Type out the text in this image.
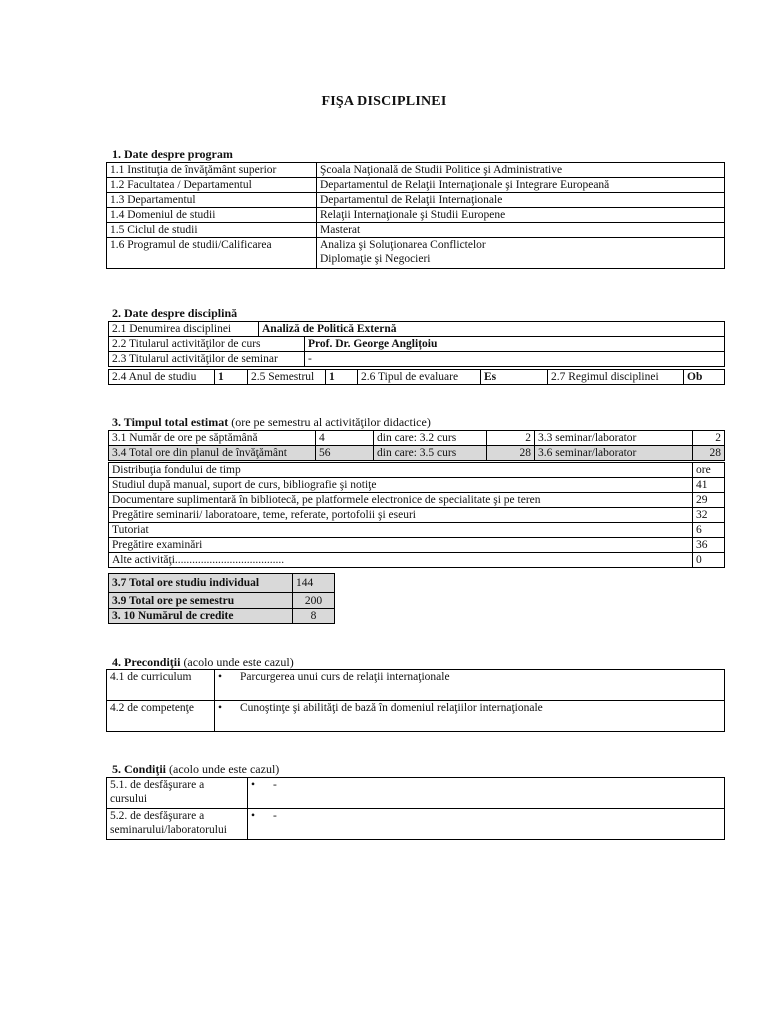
FIŞA DISCIPLINEI
1. Date despre program
1.1 Instituţia de învăţământ superior	Şcoala Naţională de Studii Politice şi Administrative
1.2 Facultatea / Departamentul	Departamentul de Relaţii Internaţionale şi Integrare Europeană
1.3 Departamentul	Departamentul de Relaţii Internaţionale
1.4 Domeniul de studii	Relaţii Internaţionale şi Studii Europene
1.5 Ciclul de studii	Masterat
1.6 Programul de studii/Calificarea	Analiza şi Soluţionarea Conflictelor
Diplomaţie şi Negocieri
2. Date despre disciplină
2.1 Denumirea disciplinei	Analiză de Politică Externă	
2.2 Titularul activităţilor de curs		Prof. Dr. George Anglițoiu
2.3 Titularul activităţilor de seminar		-
2.4 Anul de studiu	1	2.5 Semestrul	1	2.6 Tipul de evaluare	Es	2.7 Regimul disciplinei	Ob
3. Timpul total estimat (ore pe semestru al activităţilor didactice)
3.1 Număr de ore pe săptămână	4	din care: 3.2 curs	2	3.3 seminar/laborator	2
3.4 Total ore din planul de învăţământ	56	din care: 3.5 curs	28	3.6 seminar/laborator	28
Distribuţia fondului de timp	ore
Studiul după manual, suport de curs, bibliografie şi notiţe	41
Documentare suplimentară în bibliotecă, pe platformele electronice de specialitate şi pe teren	29
Pregătire seminarii/ laboratoare, teme, referate, portofolii şi eseuri	32
Tutoriat	6
Pregătire examinări	36
Alte activităţi......................................	0
3.7 Total ore studiu individual	144
3.9 Total ore pe semestru	200
3. 10 Numărul de credite	8
4. Precondiţii (acolo unde este cazul)
4.1 de curriculum	• Parcurgerea unui curs de relaţii internaţionale
4.2 de competenţe	• Cunoştinţe şi abilităţi de bază în domeniul relaţiilor internaţionale
5. Condiţii (acolo unde este cazul)
5.1. de desfăşurare a
cursului	• -

5.2. de desfăşurare a
seminarului/laboratorului	• -
